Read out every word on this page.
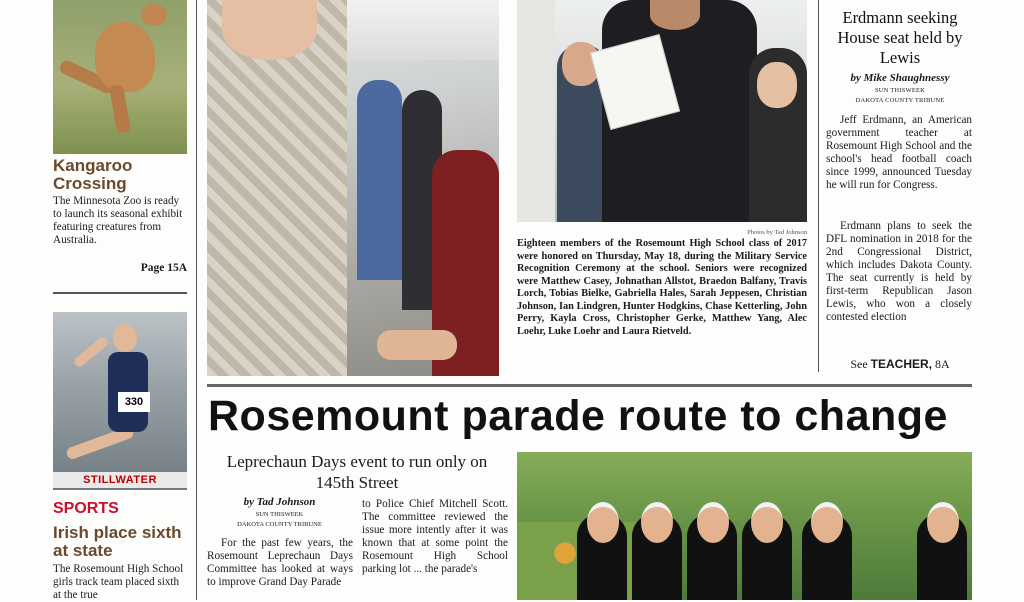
Kangaroo Crossing
The Minnesota Zoo is ready to launch its seasonal exhibit featuring creatures from Australia.
Page 15A
330
STILLWATER
SPORTS
Irish place sixth at state
The Rosemount High School girls track team placed sixth at the true
Photos by Tad Johnson
Eighteen members of the Rosemount High School class of 2017 were honored on Thursday, May 18, during the Military Service Recognition Ceremony at the school. Seniors were recognized were Matthew Casey, Johnathan Allstot, Braedon Balfany, Travis Lorch, Tobias Bielke, Gabriella Hales, Sarah Jeppesen, Christian Johnson, Ian Lindgren, Hunter Hodgkins, Chase Ketterling, John Perry, Kayla Cross, Christopher Gerke, Matthew Yang, Alec Loehr, Luke Loehr and Laura Rietveld.
Erdmann seeking House seat held by Lewis
by Mike Shaughnessy
SUN THISWEEK
DAKOTA COUNTY TRIBUNE
Jeff Erdmann, an American government teacher at Rosemount High School and the school's head football coach since 1999, announced Tuesday he will run for Congress.
Erdmann plans to seek the DFL nomination in 2018 for the 2nd Congressional District, which includes Dakota County. The seat currently is held by first-term Republican Jason Lewis, who won a closely contested election
See TEACHER, 8A
Rosemount parade route to change
Leprechaun Days event to run only on 145th Street
by Tad Johnson
SUN THISWEEK
DAKOTA COUNTY TRIBUNE
For the past few years, the Rosemount Leprechaun Days Committee has looked at ways to improve Grand Day Parade
to Police Chief Mitchell Scott. The committee reviewed the issue more intently after it was known that at some point the Rosemount High School parking lot ... the parade's
